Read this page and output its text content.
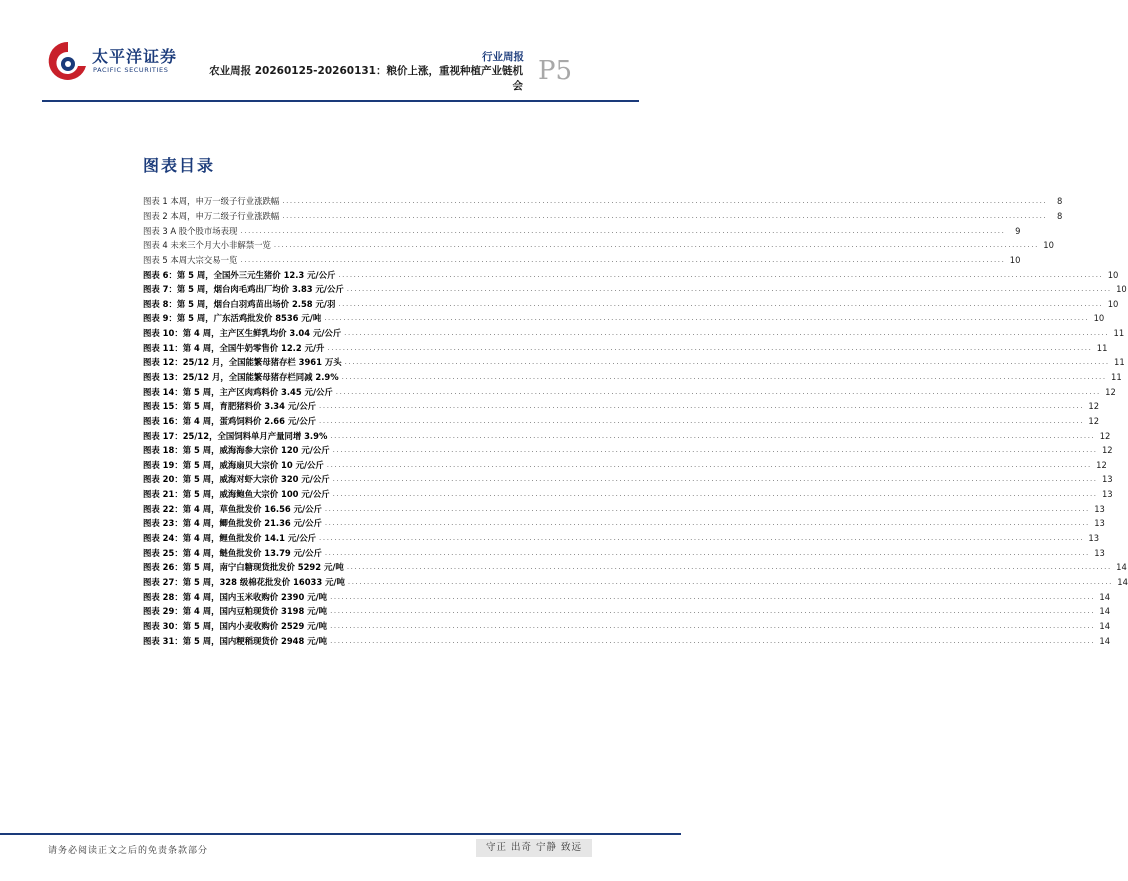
太平洋证券
PACIFIC SECURITIES
行业周报
农业周报 20260125-20260131：粮价上涨，重视种植产业链机会 P5
图表目录
图表 1 本周，申万一级子行业涨跌幅 ........................................................................................................................................................................................................	8
图表 2 本周，申万二级子行业涨跌幅 ........................................................................................................................................................................................................	8
图表 3 A 股个股市场表现 ........................................................................................................................................................................................................	9
图表 4 未来三个月大小非解禁一览 ........................................................................................................................................................................................................ 10
图表 5 本周大宗交易一览 ........................................................................................................................................................................................................ 10
图表 6：第 5 周，全国外三元生猪价 12.3 元/公斤 ........................................................................................................................................................................................................ 10
图表 7：第 5 周，烟台肉毛鸡出厂均价 3.83 元/公斤 ........................................................................................................................................................................................................ 10
图表 8：第 5 周，烟台白羽鸡苗出场价 2.58 元/羽 ........................................................................................................................................................................................................ 10
图表 9：第 5 周，广东活鸡批发价 8536 元/吨 ........................................................................................................................................................................................................ 10
图表 10：第 4 周，主产区生鲜乳均价 3.04 元/公斤 ........................................................................................................................................................................................................ 11
图表 11：第 4 周，全国牛奶零售价 12.2 元/升 ........................................................................................................................................................................................................ 11
图表 12：25/12 月，全国能繁母猪存栏 3961 万头 ........................................................................................................................................................................................................ 11
图表 13：25/12 月，全国能繁母猪存栏同减 2.9% ........................................................................................................................................................................................................ 11
图表 14：第 5 周，主产区肉鸡料价 3.45 元/公斤 ........................................................................................................................................................................................................ 12
图表 15：第 5 周，育肥猪料价 3.34 元/公斤 ........................................................................................................................................................................................................ 12
图表 16：第 4 周，蛋鸡饲料价 2.66 元/公斤 ........................................................................................................................................................................................................ 12
图表 17：25/12，全国饲料单月产量同增 3.9% ........................................................................................................................................................................................................ 12
图表 18：第 5 周，威海海参大宗价 120 元/公斤 ........................................................................................................................................................................................................ 12
图表 19：第 5 周，威海扇贝大宗价 10 元/公斤 ........................................................................................................................................................................................................ 12
图表 20：第 5 周，威海对虾大宗价 320 元/公斤 ........................................................................................................................................................................................................ 13
图表 21：第 5 周，威海鲍鱼大宗价 100 元/公斤 ........................................................................................................................................................................................................ 13
图表 22：第 4 周，草鱼批发价 16.56 元/公斤 ........................................................................................................................................................................................................ 13
图表 23：第 4 周，鲫鱼批发价 21.36 元/公斤 ........................................................................................................................................................................................................ 13
图表 24：第 4 周，鲤鱼批发价 14.1 元/公斤 ........................................................................................................................................................................................................ 13
图表 25：第 4 周，鲢鱼批发价 13.79 元/公斤 ........................................................................................................................................................................................................ 13
图表 26：第 5 周，南宁白糖现货批发价 5292 元/吨 ........................................................................................................................................................................................................ 14
图表 27：第 5 周，328 级棉花批发价 16033 元/吨 ........................................................................................................................................................................................................ 14
图表 28：第 4 周，国内玉米收购价 2390 元/吨 ........................................................................................................................................................................................................ 14
图表 29：第 4 周，国内豆粕现货价 3198 元/吨 ........................................................................................................................................................................................................ 14
图表 30：第 5 周，国内小麦收购价 2529 元/吨 ........................................................................................................................................................................................................ 14
图表 31：第 5 周，国内粳稻现货价 2948 元/吨 ........................................................................................................................................................................................................ 14
请务必阅读正文之后的免责条款部分	守正 出奇 宁静 致远
